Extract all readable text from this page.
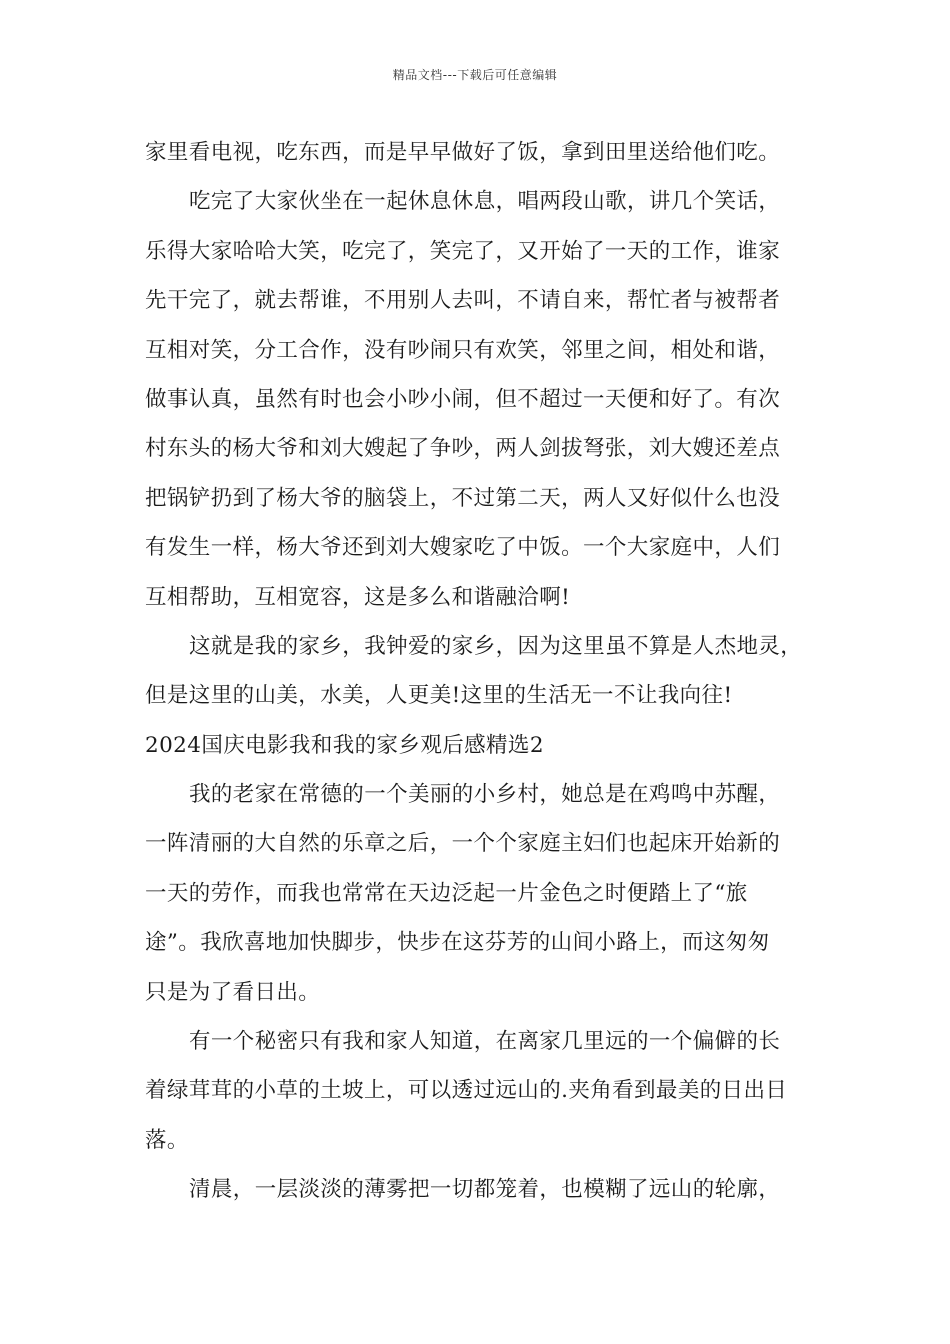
精品文档---下载后可任意编辑
家里看电视，吃东西，而是早早做好了饭，拿到田里送给他们吃。
吃完了大家伙坐在一起休息休息，唱两段山歌，讲几个笑话，
乐得大家哈哈大笑，吃完了，笑完了，又开始了一天的工作，谁家
先干完了，就去帮谁，不用别人去叫，不请自来，帮忙者与被帮者
互相对笑，分工合作，没有吵闹只有欢笑，邻里之间，相处和谐，
做事认真，虽然有时也会小吵小闹，但不超过一天便和好了。有次
村东头的杨大爷和刘大嫂起了争吵，两人剑拔弩张，刘大嫂还差点
把锅铲扔到了杨大爷的脑袋上，不过第二天，两人又好似什么也没
有发生一样，杨大爷还到刘大嫂家吃了中饭。一个大家庭中，人们
互相帮助，互相宽容，这是多么和谐融洽啊!
这就是我的家乡，我钟爱的家乡，因为这里虽不算是人杰地灵，
但是这里的山美，水美，人更美!这里的生活无一不让我向往!
2024国庆电影我和我的家乡观后感精选2
我的老家在常德的一个美丽的小乡村，她总是在鸡鸣中苏醒，
一阵清丽的大自然的乐章之后，一个个家庭主妇们也起床开始新的
一天的劳作，而我也常常在天边泛起一片金色之时便踏上了“旅
途”。我欣喜地加快脚步，快步在这芬芳的山间小路上，而这匆匆
只是为了看日出。
有一个秘密只有我和家人知道，在离家几里远的一个偏僻的长
着绿茸茸的小草的土坡上，可以透过远山的.夹角看到最美的日出日
落。
清晨，一层淡淡的薄雾把一切都笼着，也模糊了远山的轮廓，
